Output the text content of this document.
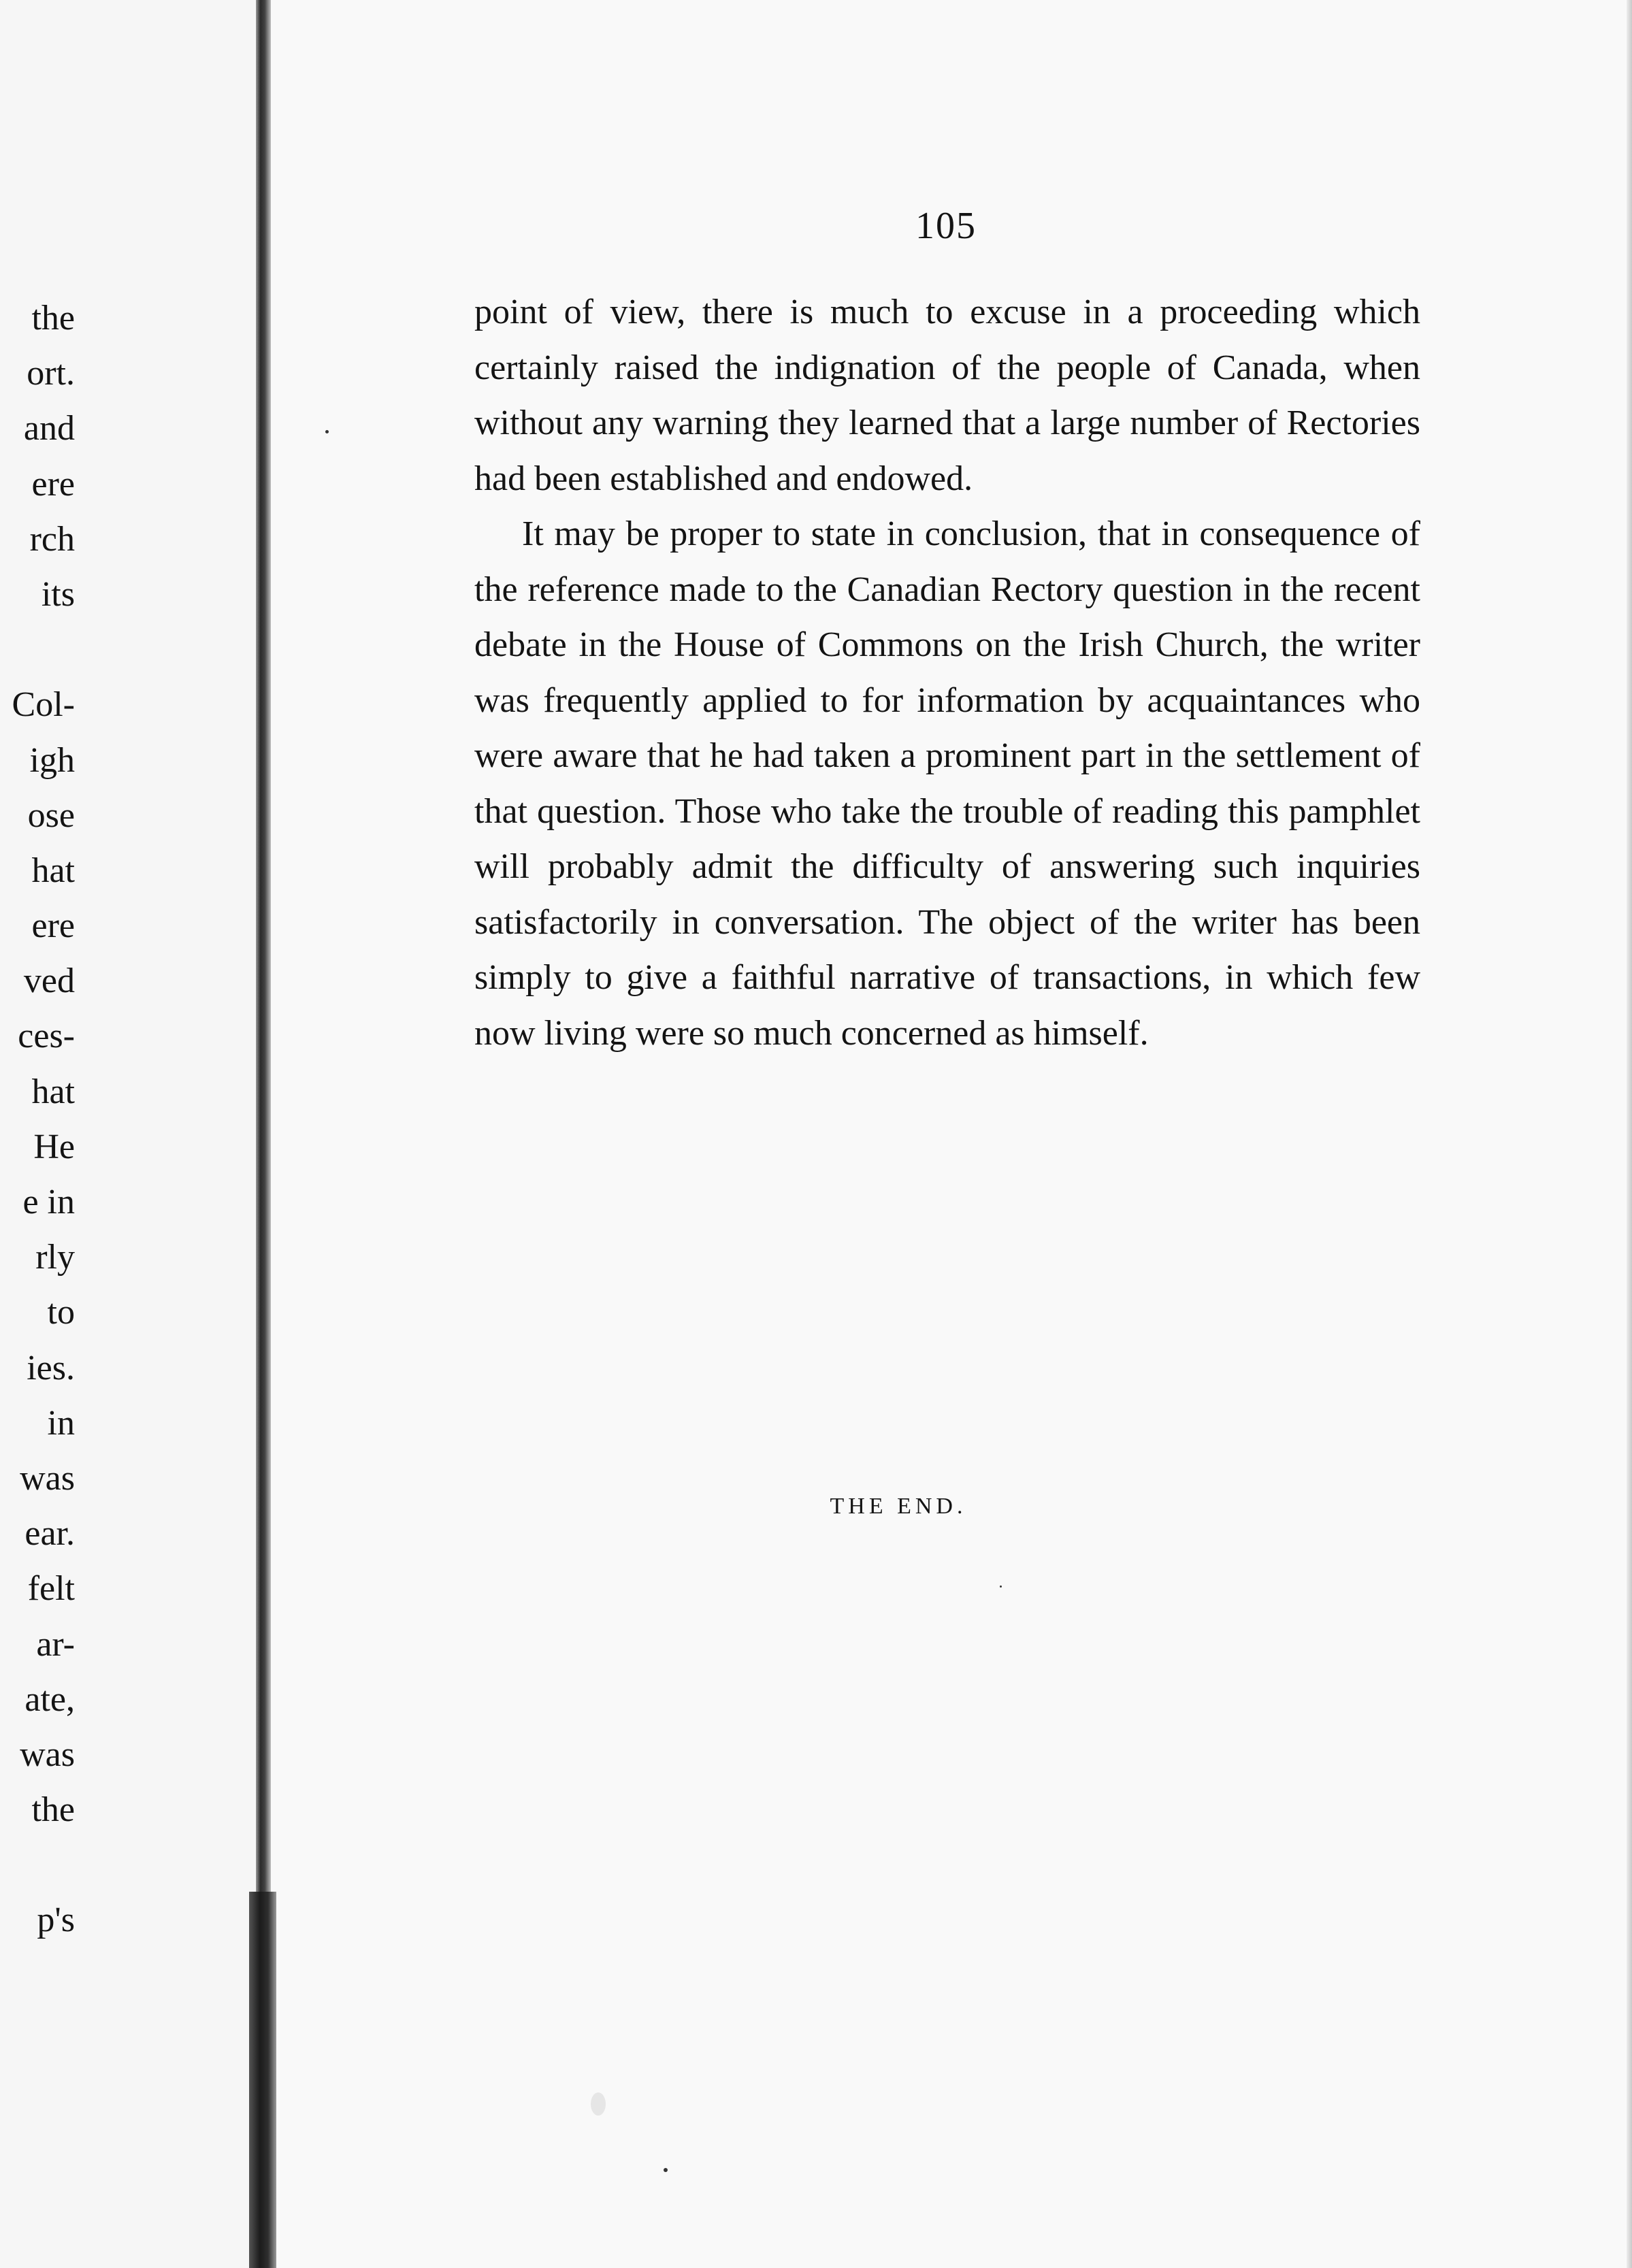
the
ort.
and
ere
rch
its
Col-
igh
ose
hat
ere
ved
ces-
hat
He
e in
rly
to
ies.
in
was
ear.
felt
ar-
ate,
was
the
p's
105

point of view, there is much to excuse in a proceeding which certainly raised the indignation of the people of Canada, when without any warning they learned that a large number of Rectories had been established and endowed.

It may be proper to state in conclusion, that in consequence of the reference made to the Canadian Rectory question in the recent debate in the House of Commons on the Irish Church, the writer was frequently applied to for information by acquaintances who were aware that he had taken a prominent part in the settlement of that question. Those who take the trouble of reading this pamphlet will probably admit the difficulty of answering such inquiries satisfactorily in conversation. The object of the writer has been simply to give a faithful narrative of transactions, in which few now living were so much concerned as himself.

THE END.
